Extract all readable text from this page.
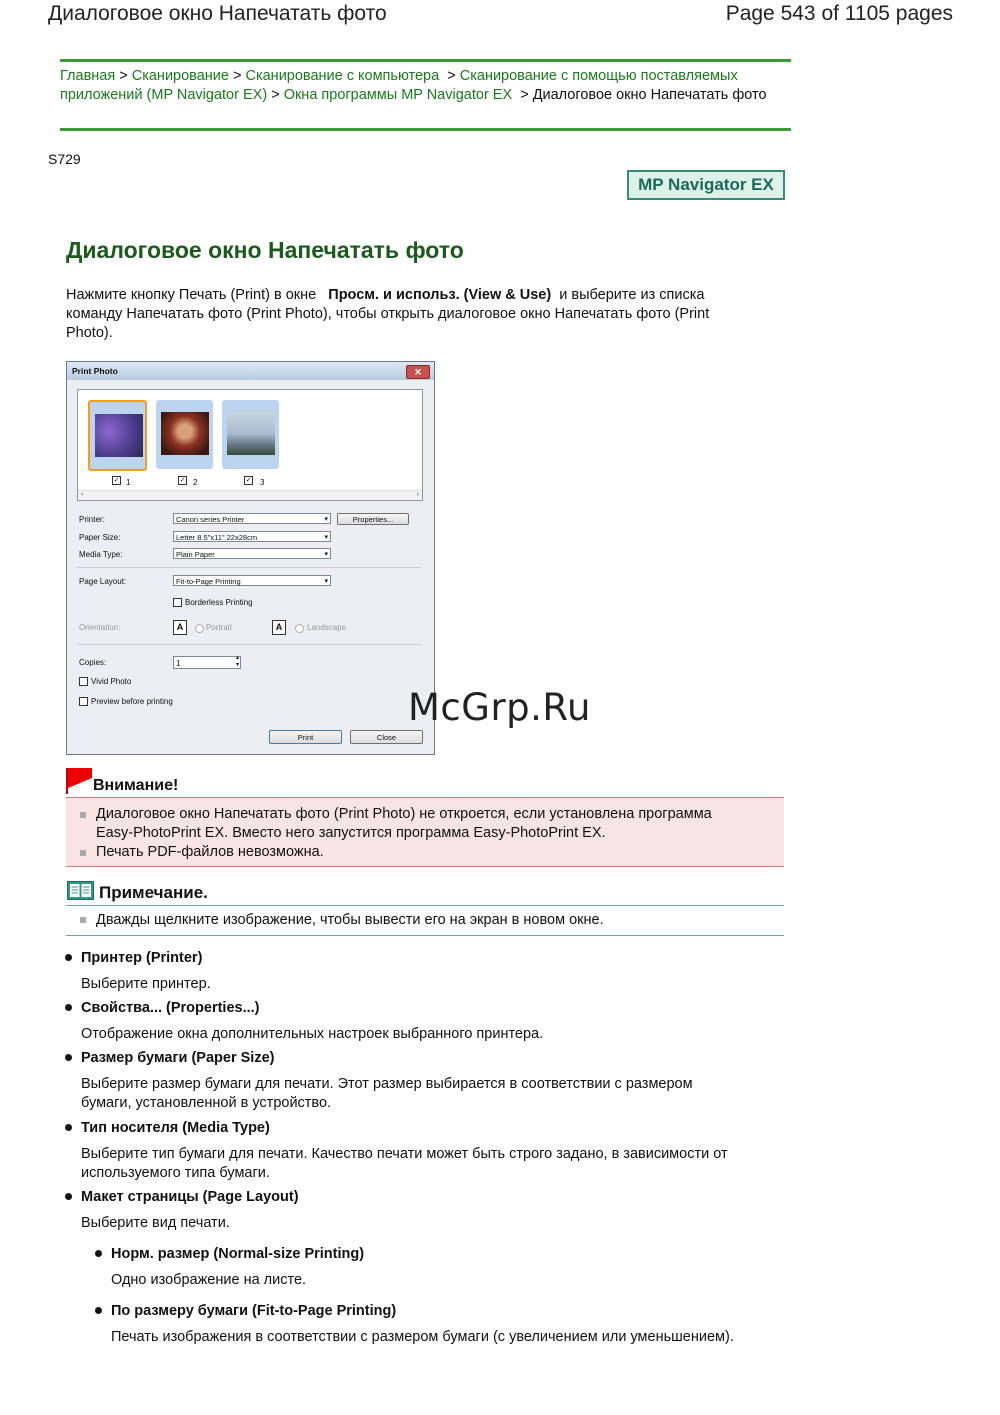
Диалоговое окно Напечатать фото	Page 543 of 1105 pages
Главная > Сканирование > Сканирование с компьютера > Сканирование с помощью поставляемых приложений (MP Navigator EX) > Окна программы MP Navigator EX > Диалоговое окно Напечатать фото
S729
MP Navigator EX
Диалоговое окно Напечатать фото
Нажмите кнопку Печать (Print) в окне Просм. и использ. (View & Use) и выберите из списка команду Напечатать фото (Print Photo), чтобы открыть диалоговое окно Напечатать фото (Print Photo).
Print Photo	✕
✓ 1	✓ 2	✓ 3
‹	›
Printer:	Canon series Printer	▾	Properties...
Paper Size:	Letter 8.5"x11" 22x28cm	▾
Media Type:	Plain Paper	▾
Page Layout:	Fit-to-Page Printing	▾
Borderless Printing
Orientation:	A	Portrait	A	Landscape
Copies:	1
▴
▾
Vivid Photo
Preview before printing
Print	Close
McGrp.Ru
Внимание!
Диалоговое окно Напечатать фото (Print Photo) не откроется, если установлена программа Easy-PhotoPrint EX. Вместо него запустится программа Easy-PhotoPrint EX.
Печать PDF-файлов невозможна.
Примечание.
Дважды щелкните изображение, чтобы вывести его на экран в новом окне.
Принтер (Printer)
Выберите принтер.
Свойства... (Properties...)
Отображение окна дополнительных настроек выбранного принтера.
Размер бумаги (Paper Size)
Выберите размер бумаги для печати. Этот размер выбирается в соответствии с размером бумаги, установленной в устройство.
Тип носителя (Media Type)
Выберите тип бумаги для печати. Качество печати может быть строго задано, в зависимости от используемого типа бумаги.
Макет страницы (Page Layout)
Выберите вид печати.
Норм. размер (Normal-size Printing)
Одно изображение на листе.
По размеру бумаги (Fit-to-Page Printing)
Печать изображения в соответствии с размером бумаги (с увеличением или уменьшением).
